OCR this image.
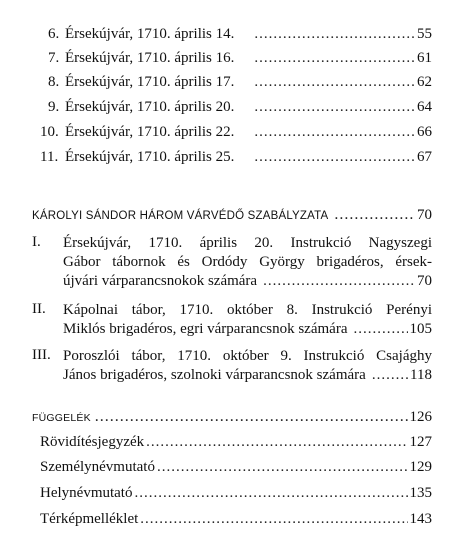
6. Érsekújvár, 1710. április 14. .....	55
7. Érsekújvár, 1710. április 16. .....	61
8. Érsekújvár, 1710. április 17. .....	62
9. Érsekújvár, 1710. április 20. .....	64
10. Érsekújvár, 1710. április 22. .....	66
11. Érsekújvár, 1710. április 25. .....	67
KÁROLYI SÁNDOR HÁROM VÁRVÉDŐ SZABÁLYZATA .....	70
I. Érsekújvár, 1710. április 20. Instrukció Nagyszegi
Gábor tábornok és Ordódy György brigadéros, érsek-
újvári várparancsnokok számára .....	70
II. Kápolnai tábor, 1710. október 8. Instrukció Perényi
Miklós brigadéros, egri várparancsnok számára .....	105
III. Poroszlói tábor, 1710. október 9. Instrukció Csajághy
János brigadéros, szolnoki várparancsnok számára .....	118
FÜGGELÉK .....	126
Rövidítésjegyzék .....	127
Személynévmutató .....	129
Helynévmutató .....	135
Térképmelléklet .....	143
